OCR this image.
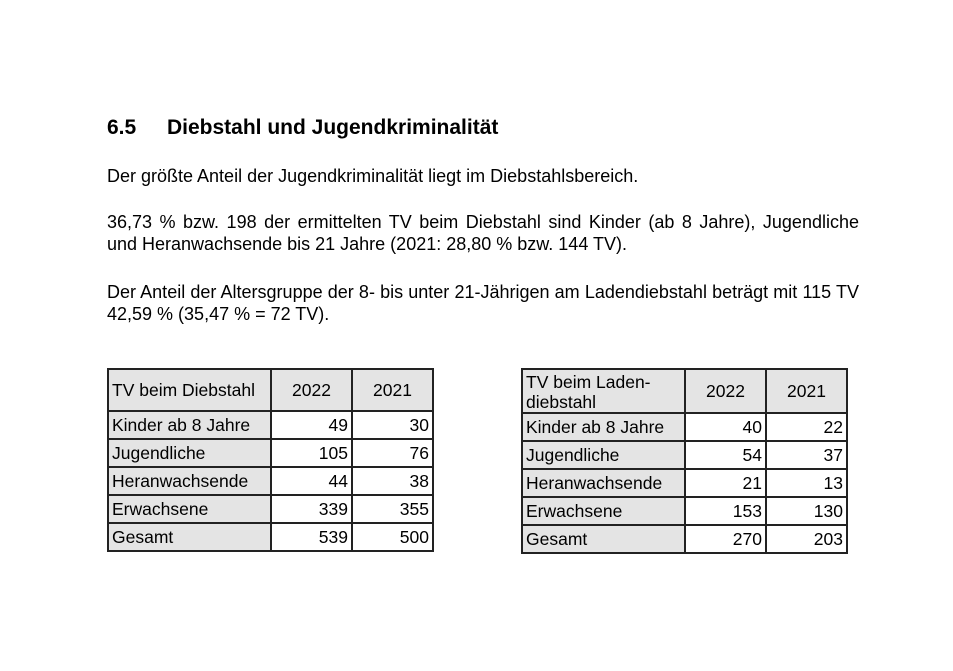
6.5 Diebstahl und Jugendkriminalität
Der größte Anteil der Jugendkriminalität liegt im Diebstahlsbereich.
36,73 % bzw. 198 der ermittelten TV beim Diebstahl sind Kinder (ab 8 Jahre), Jugendliche und Heranwachsende bis 21 Jahre (2021: 28,80 % bzw. 144 TV).
Der Anteil der Altersgruppe der 8- bis unter 21-Jährigen am Ladendiebstahl beträgt mit 115 TV 42,59 % (35,47 % = 72 TV).
TV beim Diebstahl	2022	2021
Kinder ab 8 Jahre	49	30
Jugendliche	105	76
Heranwachsende	44	38
Erwachsene	339	355
Gesamt	539	500
TV beim Laden-diebstahl	2022	2021
Kinder ab 8 Jahre	40	22
Jugendliche	54	37
Heranwachsende	21	13
Erwachsene	153	130
Gesamt	270	203
